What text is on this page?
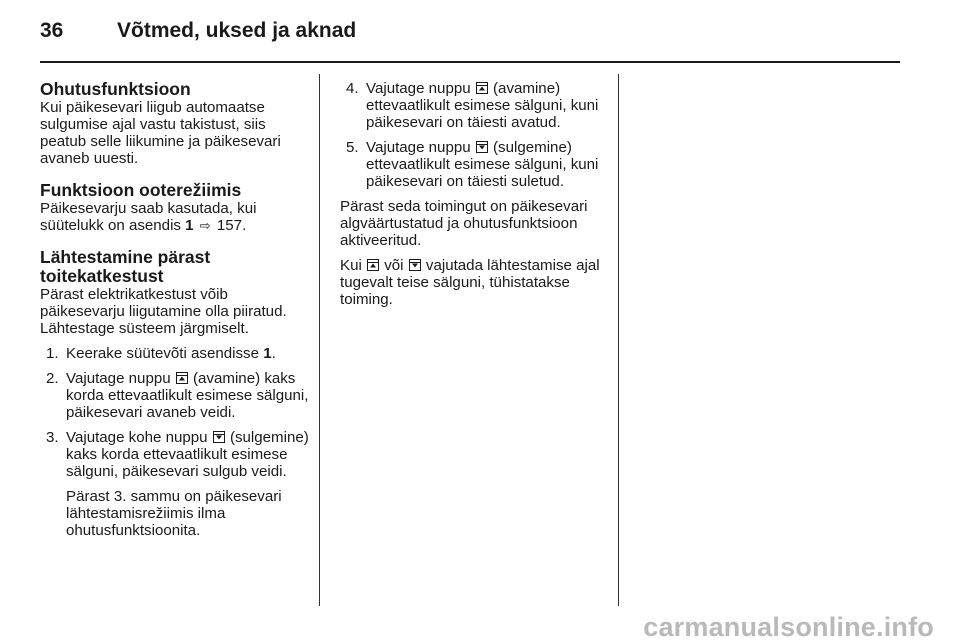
36	Võtmed, uksed ja aknad
Ohutusfunktsioon

Kui päikesevari liigub automaatse sulgumise ajal vastu takistust, siis peatub selle liikumine ja päikesevari avaneb uuesti.

Funktsioon ooterežiimis

Päikesevarju saab kasutada, kui süütelukk on asendis 1 ⇨ 157.

Lähtestamine pärast toitekatkestust

Pärast elektrikatkestust võib päikesevarju liigutamine olla piiratud. Lähtestage süsteem järgmiselt.

1. Keerake süütevõti asendisse 1.
2. Vajutage nuppu
(avamine) kaks korda ettevaatlikult esimese sälguni, päikesevari avaneb veidi.
3. Vajutage kohe nuppu
(sulgemine) kaks korda ettevaatlikult esimese sälguni, päikesevari sulgub veidi.

Pärast 3. sammu on päikesevari lähtestamisrežiimis ilma ohutusfunktsioonita.

4. Vajutage nuppu
(avamine) ettevaatlikult esimese sälguni, kuni päikesevari on täiesti avatud.
5. Vajutage nuppu
(sulgemine) ettevaatlikult esimese sälguni, kuni päikesevari on täiesti suletud.

Pärast seda toimingut on päikesevari algväärtustatud ja ohutusfunktsioon aktiveeritud.

Kui
või
vajutada lähtestamise ajal tugevalt teise sälguni, tühistatakse toiming.

carmanualsonline.info
